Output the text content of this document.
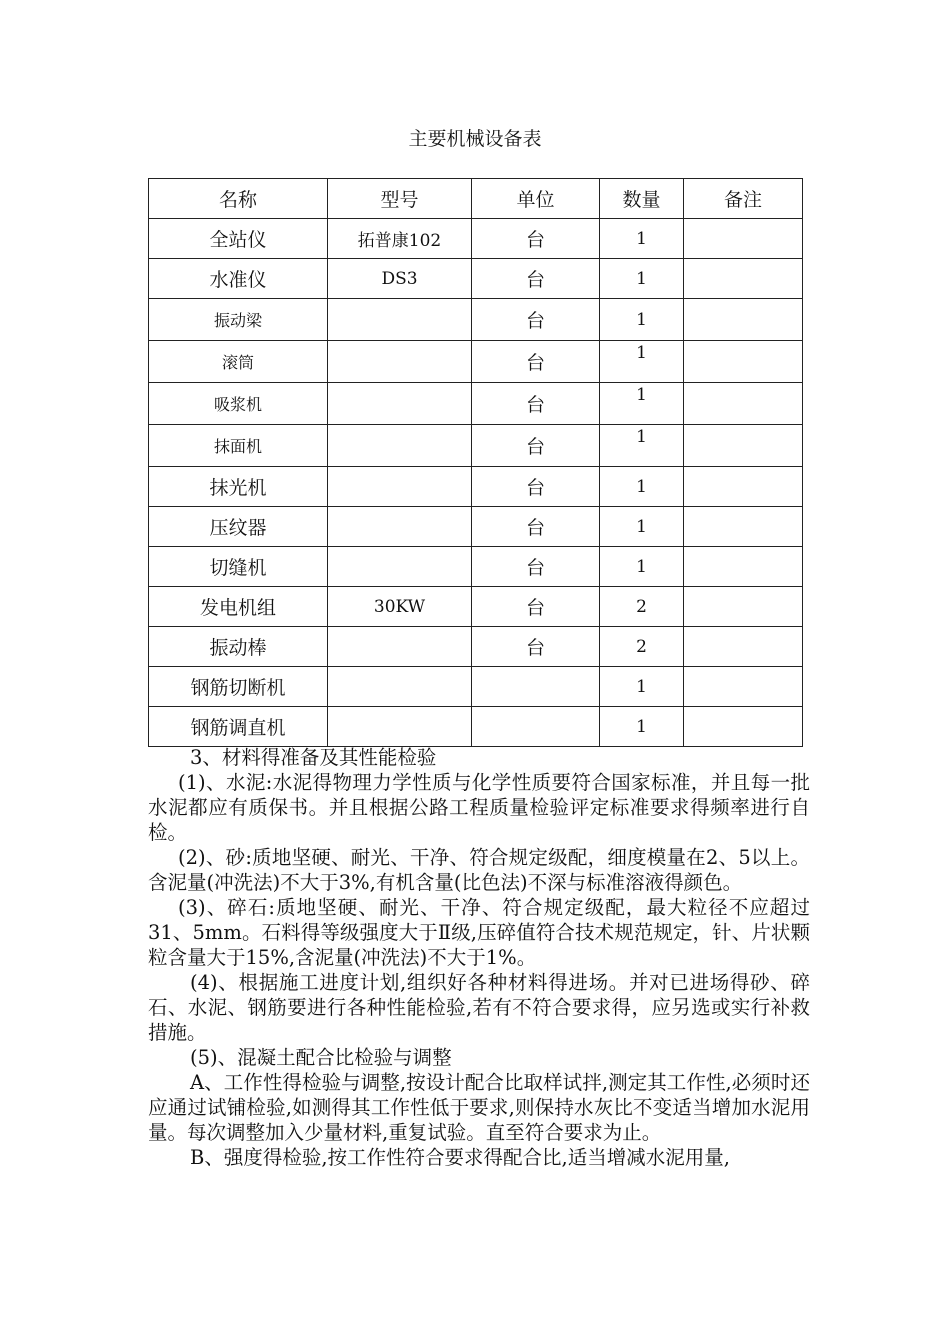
主要机械设备表
名称	型号	单位	数量	备注
全站仪	拓普康102	台	1	
水准仪	DS3	台	1	
振动梁		台	1	
滚筒		台	1	
吸浆机		台	1	
抹面机		台	1	
抹光机		台	1	
压纹器		台	1	
切缝机		台	1	
发电机组	30KW	台	2	
振动棒		台	2	
钢筋切断机			1	
钢筋调直机			1	

3、材料得准备及其性能检验

(1)、水泥:水泥得物理力学性质与化学性质要符合国家标准，并且每一批水泥都应有质保书。并且根据公路工程质量检验评定标准要求得频率进行自检。

(2)、砂:质地坚硬、耐光、干净、符合规定级配，细度模量在2、5以上。含泥量(冲洗法)不大于3%,有机含量(比色法)不深与标准溶液得颜色。

(3)、碎石:质地坚硬、耐光、干净、符合规定级配，最大粒径不应超过31、5mm。石料得等级强度大于Ⅱ级,压碎值符合技术规范规定，针、片状颗粒含量大于15%,含泥量(冲洗法)不大于1%。

(4)、根据施工进度计划,组织好各种材料得进场。并对已进场得砂、碎石、水泥、钢筋要进行各种性能检验,若有不符合要求得，应另选或实行补救措施。

(5)、混凝土配合比检验与调整

A、工作性得检验与调整,按设计配合比取样试拌,测定其工作性,必须时还应通过试铺检验,如测得其工作性低于要求,则保持水灰比不变适当增加水泥用量。每次调整加入少量材料,重复试验。直至符合要求为止。

B、强度得检验,按工作性符合要求得配合比,适当增减水泥用量,
